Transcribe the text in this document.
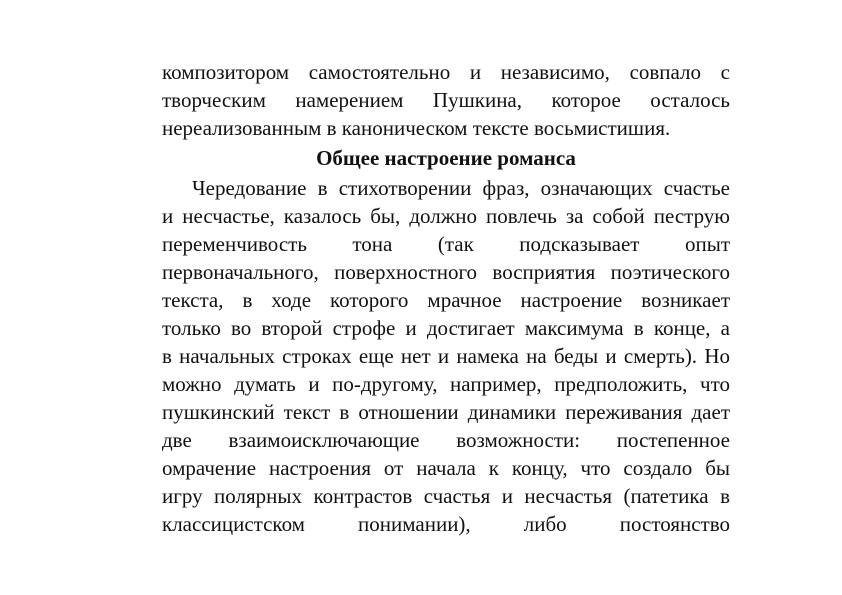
композитором самостоятельно и независимо, совпало с
творческим намерением Пушкина, которое осталось
нереализованным в каноническом тексте восьмистишия.
Общее настроение романса
Чередование в стихотворении фраз, означающих счастье
и несчастье, казалось бы, должно повлечь за собой пеструю
переменчивость тона (так подсказывает опыт
первоначального, поверхностного восприятия поэтического
текста, в ходе которого мрачное настроение возникает
только во второй строфе и достигает максимума в конце, а
в начальных строках еще нет и намека на беды и смерть). Но
можно думать и по-другому, например, предположить, что
пушкинский текст в отношении динамики переживания дает
две взаимоисключающие возможности: постепенное
омрачение настроения от начала к концу, что создало бы
игру полярных контрастов счастья и несчастья (патетика в
классицистском понимании), либо постоянство
